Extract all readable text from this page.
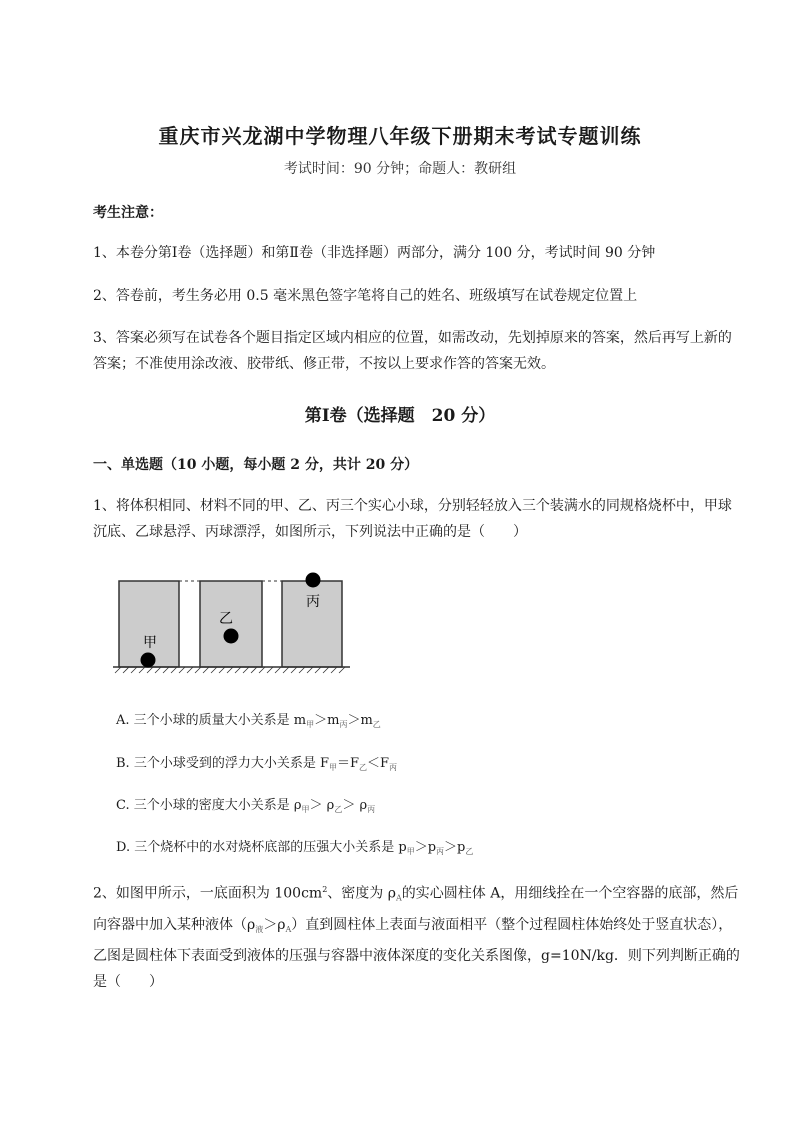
重庆市兴龙湖中学物理八年级下册期末考试专题训练
考试时间：90 分钟；命题人：教研组
考生注意：
1、本卷分第Ⅰ卷（选择题）和第Ⅱ卷（非选择题）两部分，满分 100 分，考试时间 90 分钟
2、答卷前，考生务必用 0.5 毫米黑色签字笔将自己的姓名、班级填写在试卷规定位置上
3、答案必须写在试卷各个题目指定区域内相应的位置，如需改动，先划掉原来的答案，然后再写上新的答案；不准使用涂改液、胶带纸、修正带，不按以上要求作答的答案无效。
第Ⅰ卷（选择题　20 分）
一、单选题（10 小题，每小题 2 分，共计 20 分）
1、将体积相同、材料不同的甲、乙、丙三个实心小球，分别轻轻放入三个装满水的同规格烧杯中，甲球沉底、乙球悬浮、丙球漂浮，如图所示，下列说法中正确的是（　　）
甲
乙
丙
A. 三个小球的质量大小关系是 $m_甲>m_丙>m_乙$
B. 三个小球受到的浮力大小关系是 $F_甲=F_乙<F_丙$
C. 三个小球的密度大小关系是 $\rho_甲> \rho_乙> \rho_丙$
D. 三个烧杯中的水对烧杯底部的压强大小关系是 $p_甲>p_丙>p_乙$
2、如图甲所示，一底面积为 $100cm^2$、密度为 $\rho_A$的实心圆柱体 A，用细线拴在一个空容器的底部，然后向容器中加入某种液体$(\rho_液>\rho_A)$直到圆柱体上表面与液面相平（整个过程圆柱体始终处于竖直状态），乙图是圆柱体下表面受到液体的压强与容器中液体深度的变化关系图像，g=10N/kg．则下列判断正确的是（　　）
